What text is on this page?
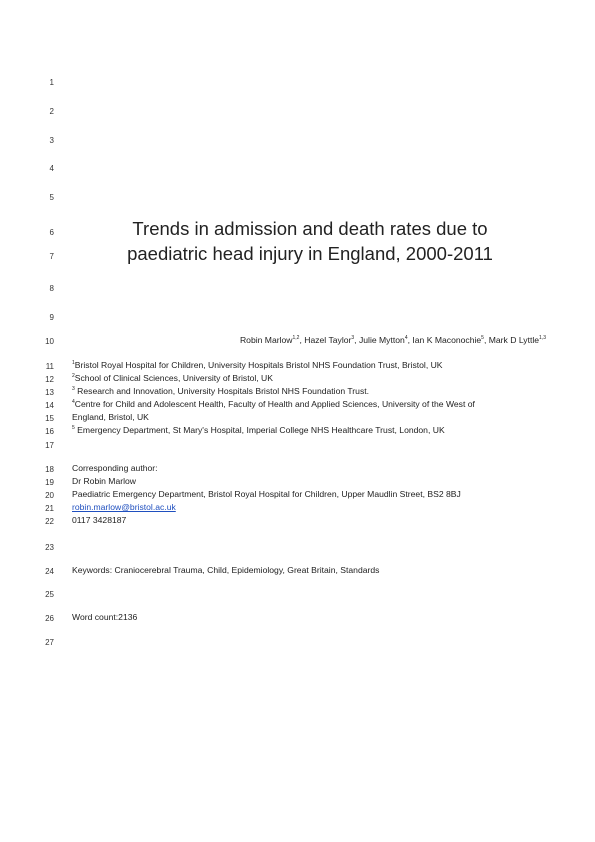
1
2
3
4
5
6
7
8
9
10
11
12
13
14
15
16
17
18
19
20
21
22
23
24
25
26
27
Trends in admission and death rates due to
paediatric head injury in England, 2000-2011
Robin Marlow$^{1,2}$, Hazel Taylor$^3$, Julie Mytton$^4$, Ian K Maconochie$^5$, Mark D Lyttle$^{1,3}$
$^1$Bristol Royal Hospital for Children, University Hospitals Bristol NHS Foundation Trust, Bristol, UK
$^2$School of Clinical Sciences, University of Bristol, UK
$^3$ Research and Innovation, University Hospitals Bristol NHS Foundation Trust.
$^4$Centre for Child and Adolescent Health, Faculty of Health and Applied Sciences, University of the West of
England, Bristol, UK
$^5$ Emergency Department, St Mary's Hospital, Imperial College NHS Healthcare Trust, London, UK
Corresponding author:
Dr Robin Marlow
Paediatric Emergency Department, Bristol Royal Hospital for Children, Upper Maudlin Street, BS2 8BJ
robin.marlow@bristol.ac.uk
0117 3428187
Keywords: Craniocerebral Trauma, Child, Epidemiology, Great Britain, Standards
Word count:2136
